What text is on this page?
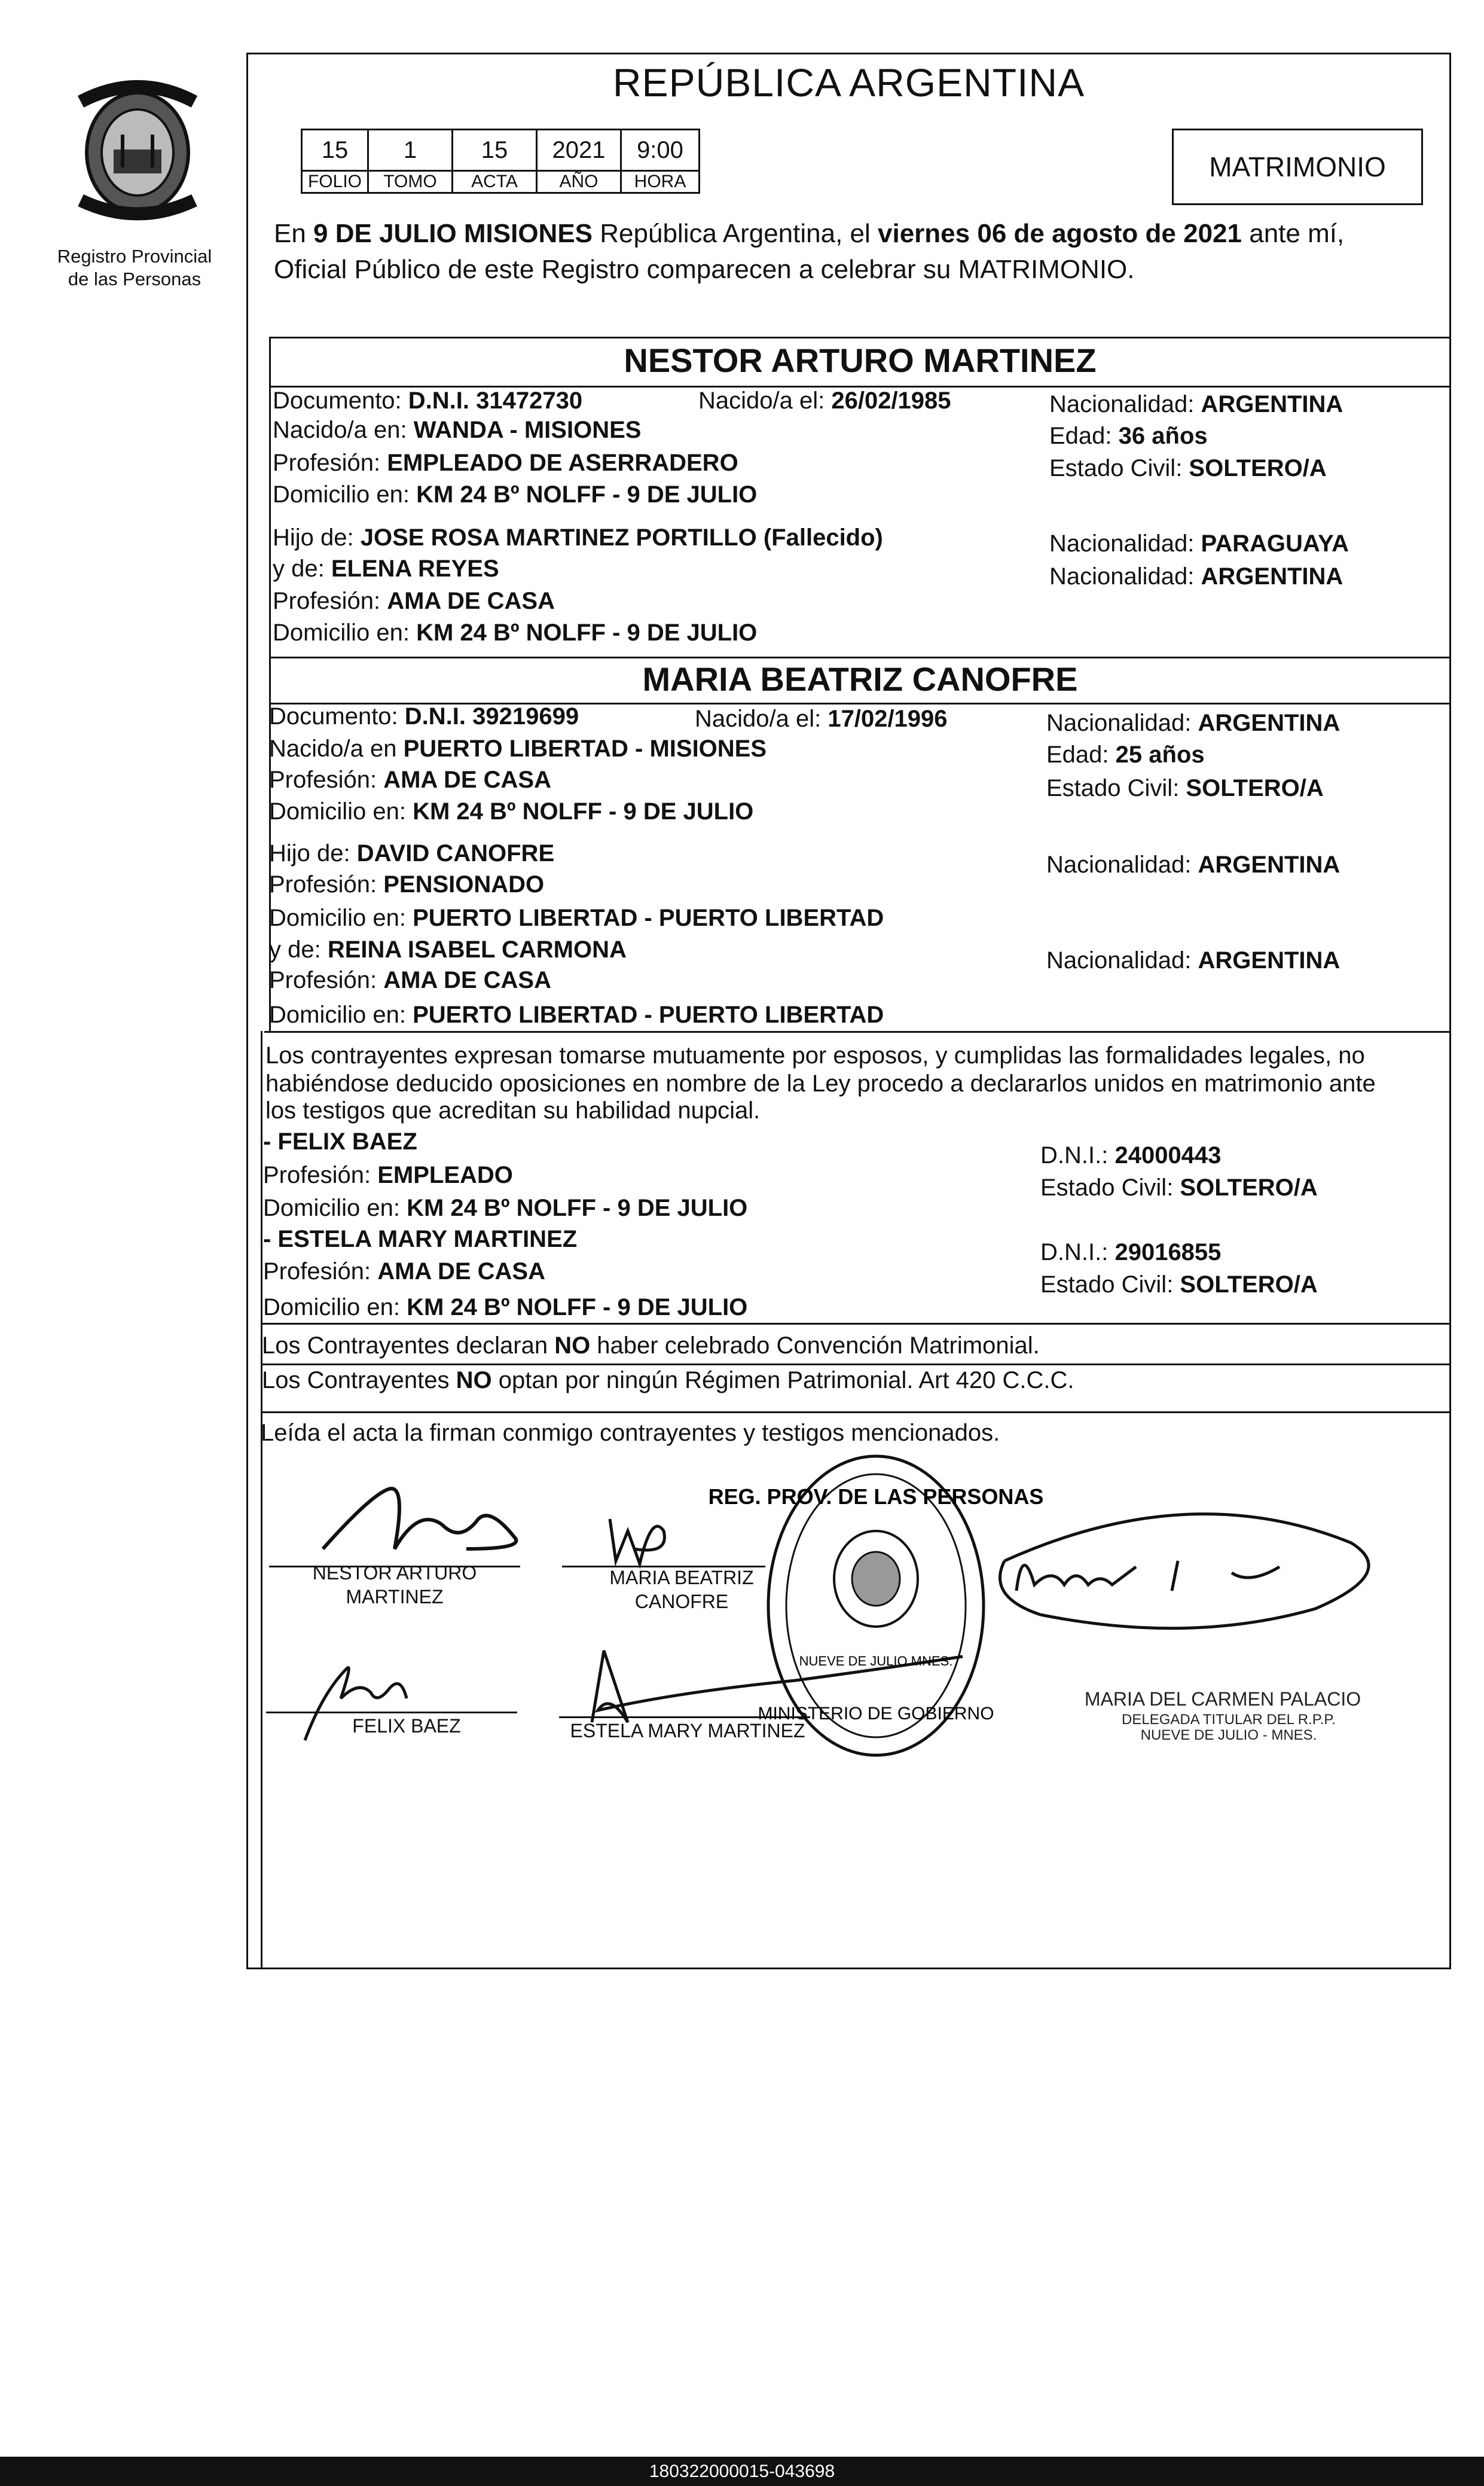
Registro Provincial
de las Personas
REPÚBLICA ARGENTINA
15	1	15	2021	9:00
FOLIO	TOMO	ACTA	AÑO	HORA	MATRIMONIO
En 9 DE JULIO MISIONES República Argentina, el viernes 06 de agosto de 2021 ante mí,
Oficial Público de este Registro comparecen a celebrar su MATRIMONIO.
NESTOR ARTURO MARTINEZ
Documento: D.N.I. 31472730	Nacido/a el: 26/02/1985	Nacionalidad: ARGENTINA
Nacido/a en: WANDA - MISIONES	Edad: 36 años
Profesión: EMPLEADO DE ASERRADERO	Estado Civil: SOLTERO/A
Domicilio en: KM 24 Bº NOLFF - 9 DE JULIO
Hijo de: JOSE ROSA MARTINEZ PORTILLO (Fallecido)	Nacionalidad: PARAGUAYA
y de: ELENA REYES	Nacionalidad: ARGENTINA
Profesión: AMA DE CASA
Domicilio en: KM 24 Bº NOLFF - 9 DE JULIO
MARIA BEATRIZ CANOFRE
Documento: D.N.I. 39219699	Nacido/a el: 17/02/1996	Nacionalidad: ARGENTINA
Nacido/a en PUERTO LIBERTAD - MISIONES	Edad: 25 años
Profesión: AMA DE CASA	Estado Civil: SOLTERO/A
Domicilio en: KM 24 Bº NOLFF - 9 DE JULIO
Hijo de: DAVID CANOFRE	Nacionalidad: ARGENTINA
Profesión: PENSIONADO
Domicilio en: PUERTO LIBERTAD - PUERTO LIBERTAD
y de: REINA ISABEL CARMONA	Nacionalidad: ARGENTINA
Profesión: AMA DE CASA
Domicilio en: PUERTO LIBERTAD - PUERTO LIBERTAD
Los contrayentes expresan tomarse mutuamente por esposos, y cumplidas las formalidades legales, no
habiéndose deducido oposiciones en nombre de la Ley procedo a declararlos unidos en matrimonio ante
los testigos que acreditan su habilidad nupcial.
- FELIX BAEZ
D.N.I.: 24000443
Profesión: EMPLEADO	Estado Civil: SOLTERO/A
Domicilio en: KM 24 Bº NOLFF - 9 DE JULIO
- ESTELA MARY MARTINEZ	D.N.I.: 29016855
Profesión: AMA DE CASA	Estado Civil: SOLTERO/A
Domicilio en: KM 24 Bº NOLFF - 9 DE JULIO
Los Contrayentes declaran NO haber celebrado Convención Matrimonial.
Los Contrayentes NO optan por ningún Régimen Patrimonial. Art 420 C.C.C.
Leída el acta la firman conmigo contrayentes y testigos mencionados.
NESTOR ARTURO
MARTINEZ
MARIA BEATRIZ
CANOFRE
FELIX BAEZ	ESTELA MARY MARTINEZ
REG. PROV. DE LAS PERSONAS
NUEVE DE JULIO MNES.
MINISTERIO DE GOBIERNO
MARIA DEL CARMEN PALACIO
DELEGADA TITULAR DEL R.P.P.
NUEVE DE JULIO - MNES.
180322000015-043698
